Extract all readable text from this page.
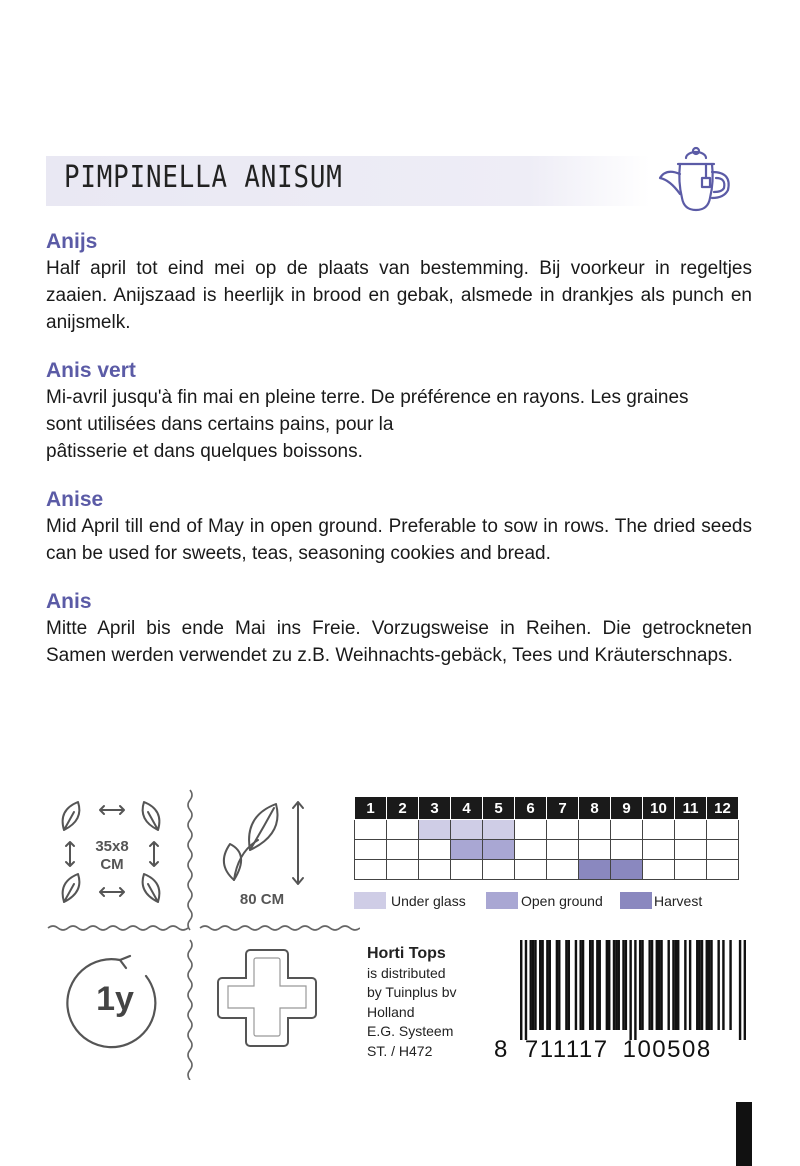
PIMPINELLA ANISUM
Anijs

Half april tot eind mei op de plaats van bestemming. Bij voorkeur in regeltjes zaaien. Anijszaad is heerlijk in brood en gebak, alsmede in drankjes als punch en anijsmelk.

Anis vert

Mi-avril jusqu'à fin mai en pleine terre. De préférence en rayons. Les graines

sont utilisées dans certains pains, pour la

pâtisserie et dans quelques boissons.

Anise

Mid April till end of May in open ground. Preferable to sow in rows. The dried seeds can be used for sweets, teas, seasoning cookies and bread.

Anis

Mitte April bis ende Mai ins Freie. Vorzugsweise in Reihen. Die getrockneten Samen werden verwendet zu z.B. Weihnachts-gebäck, Tees und Kräuterschnaps.

35x8
CM
80 CM
1y
1	2	3	4	5	6	7	8	9	10	11	12

Under glass	Open ground	Harvest
Horti Tops
is distributed
by Tuinplus bv
Holland
E.G. Systeem
ST. / H472	8 711117 100508
